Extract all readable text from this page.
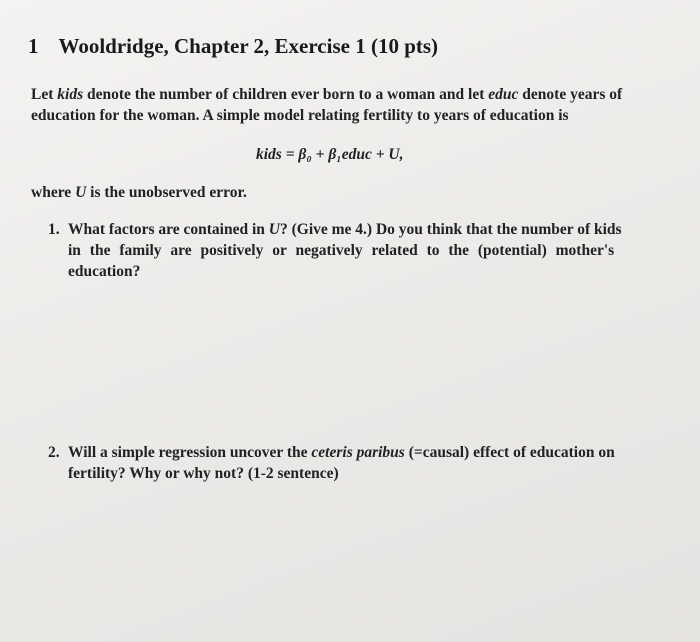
1 Wooldridge, Chapter 2, Exercise 1 (10 pts)
Let kids denote the number of children ever born to a woman and let educ denote years of
education for the woman. A simple model relating fertility to years of education is
kids = β₀ + β₁educ + U,
where U is the unobserved error.
1. What factors are contained in U? (Give me 4.) Do you think that the number of kids
in the family are positively or negatively related to the (potential) mother's
education?
2. Will a simple regression uncover the ceteris paribus (=causal) effect of education on
fertility? Why or why not? (1-2 sentence)
